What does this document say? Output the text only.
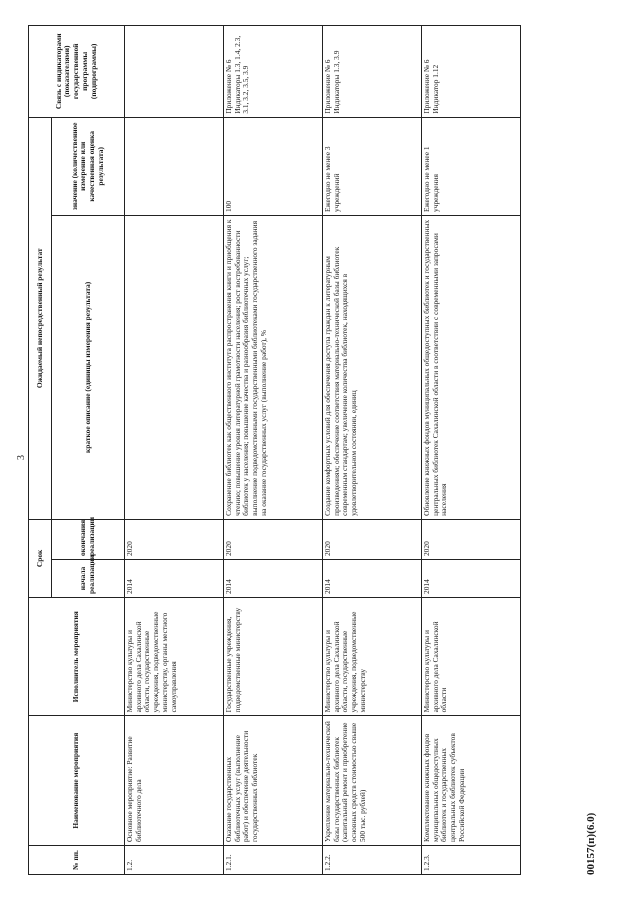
3
№ пп.	Наименование мероприятия	Исполнитель мероприятия	Срок		Ожидаемый непосредственный результат		Связь с индикаторами (показателями) государственной программы (подпрограммы)
			начала реализации	окончания реализации	краткое описание (единицы измерения результата)	значение (количественное измерение или качественная оценка результата)	
1.2.	Основное мероприятие: Развитие библиотечного дела	Министерство культуры и архивного дела Сахалинской области, государственные учреждения, подведомственные министерству, органы местного самоуправления	2014	2020			
1.2.1.	Оказание государственных библиотечных услуг (выполнение работ) и обеспечение деятельности государственных библиотек	Государственные учреждения, подведомственные министерству	2014	2020	Сохранение библиотек как общественного института распространения книги и приобщения к чтению; повышение уровня литературной грамотности населения; рост востребованности библиотек у населения; повышение качества и разнообразия библиотечных услуг; выполнение подведомственными государственными библиотеками государственного задания на оказание государственных услуг (выполнение работ), %	100	Приложение № 6 Индикаторы 1.3, 1.4, 2.3, 3.1, 3.2, 3.5, 3.9
1.2.2.	Укрепление материально-технической базы государственных библиотек (капитальный ремонт и приобретение основных средств стоимостью свыше 500 тыс. рублей)	Министерство культуры и архивного дела Сахалинской области, государственные учреждения, подведомственные министерству	2014	2020	Создание комфортных условий для обеспечения доступа граждан к литературным произведениям; обеспечение соответствия материально-технической базы библиотек современным стандартам; увеличение количества библиотек, находящихся в удовлетворительном состоянии, единиц	Ежегодно не менее 3 учреждений	Приложение № 6 Индикаторы 1.3, 3.9
1.2.3.	Комплектование книжных фондов муниципальных общедоступных библиотек и государственных центральных библиотек субъектов Российской Федерации	Министерство культуры и архивного дела Сахалинской области	2014	2020	Обновление книжных фондов муниципальных общедоступных библиотек и государственных центральных библиотек Сахалинской области в соответствии с современными запросами населения	Ежегодно не менее 1 учреждения	Приложение № 6 Индикатор 1.12
00157(п)(6.0)
